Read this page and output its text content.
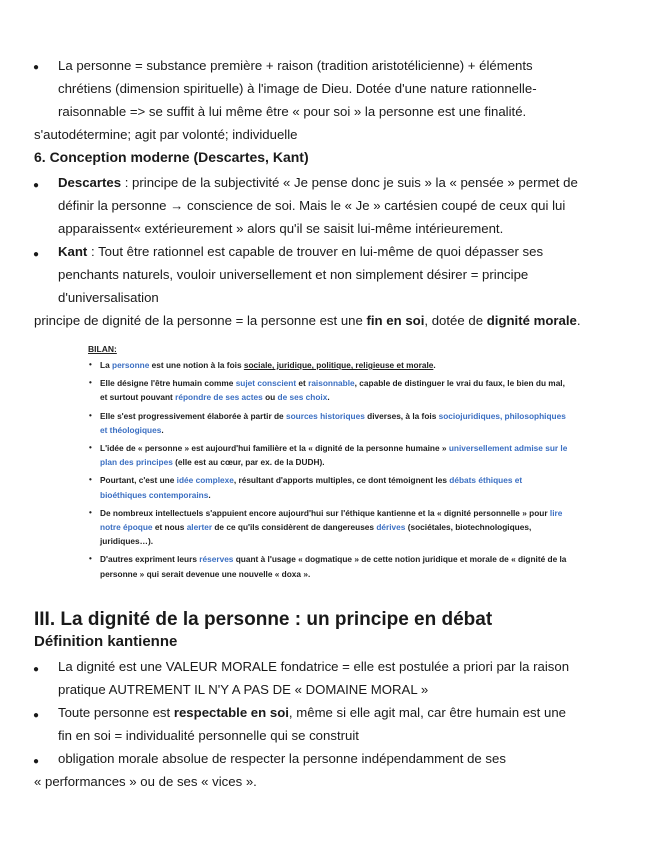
● La personne = substance première + raison (tradition aristotélicienne) + éléments
chrétiens (dimension spirituelle) à l'image de Dieu. Dotée d'une nature rationnelle-
raisonnable => se suffit à lui même être « pour soi » la personne est une finalité.
s'autodétermine; agit par volonté; individuelle
6. Conception moderne (Descartes, Kant)
● Descartes : principe de la subjectivité « Je pense donc je suis » la « pensée » permet de
définir la personne → conscience de soi. Mais le « Je » cartésien coupé de ceux qui lui
apparaissent« extérieurement » alors qu'il se saisit lui-même intérieurement.
● Kant : Tout être rationnel est capable de trouver en lui-même de quoi dépasser ses
penchants naturels, vouloir universellement et non simplement désirer = principe
d'universalisation
principe de dignité de la personne = la personne est une fin en soi, dotée de dignité morale.
BILAN:
• La personne est une notion à la fois sociale, juridique, politique, religieuse et morale.
• Elle désigne l'être humain comme sujet conscient et raisonnable, capable de distinguer le vrai du faux, le bien du mal, et surtout pouvant répondre de ses actes ou de ses choix.
• Elle s'est progressivement élaborée à partir de sources historiques diverses, à la fois sociojuridiques, philosophiques et théologiques.
• L'idée de « personne » est aujourd'hui familière et la « dignité de la personne humaine » universellement admise sur le plan des principes (elle est au cœur, par ex. de la DUDH).
• Pourtant, c'est une idée complexe, résultant d'apports multiples, ce dont témoignent les débats éthiques et bioéthiques contemporains.
• De nombreux intellectuels s'appuient encore aujourd'hui sur l'éthique kantienne et la « dignité personnelle » pour lire notre époque et nous alerter de ce qu'ils considèrent de dangereuses dérives (sociétales, biotechnologiques, juridiques…).
• D'autres expriment leurs réserves quant à l'usage « dogmatique » de cette notion juridique et morale de « dignité de la personne » qui serait devenue une nouvelle « doxa ».
III. La dignité de la personne : un principe en débat
Définition kantienne
● La dignité est une VALEUR MORALE fondatrice = elle est postulée a priori par la raison
pratique AUTREMENT IL N'Y A PAS DE « DOMAINE MORAL »
● Toute personne est respectable en soi, même si elle agit mal, car être humain est une
fin en soi = individualité personnelle qui se construit
● obligation morale absolue de respecter la personne indépendamment de ses
« performances » ou de ses « vices ».
